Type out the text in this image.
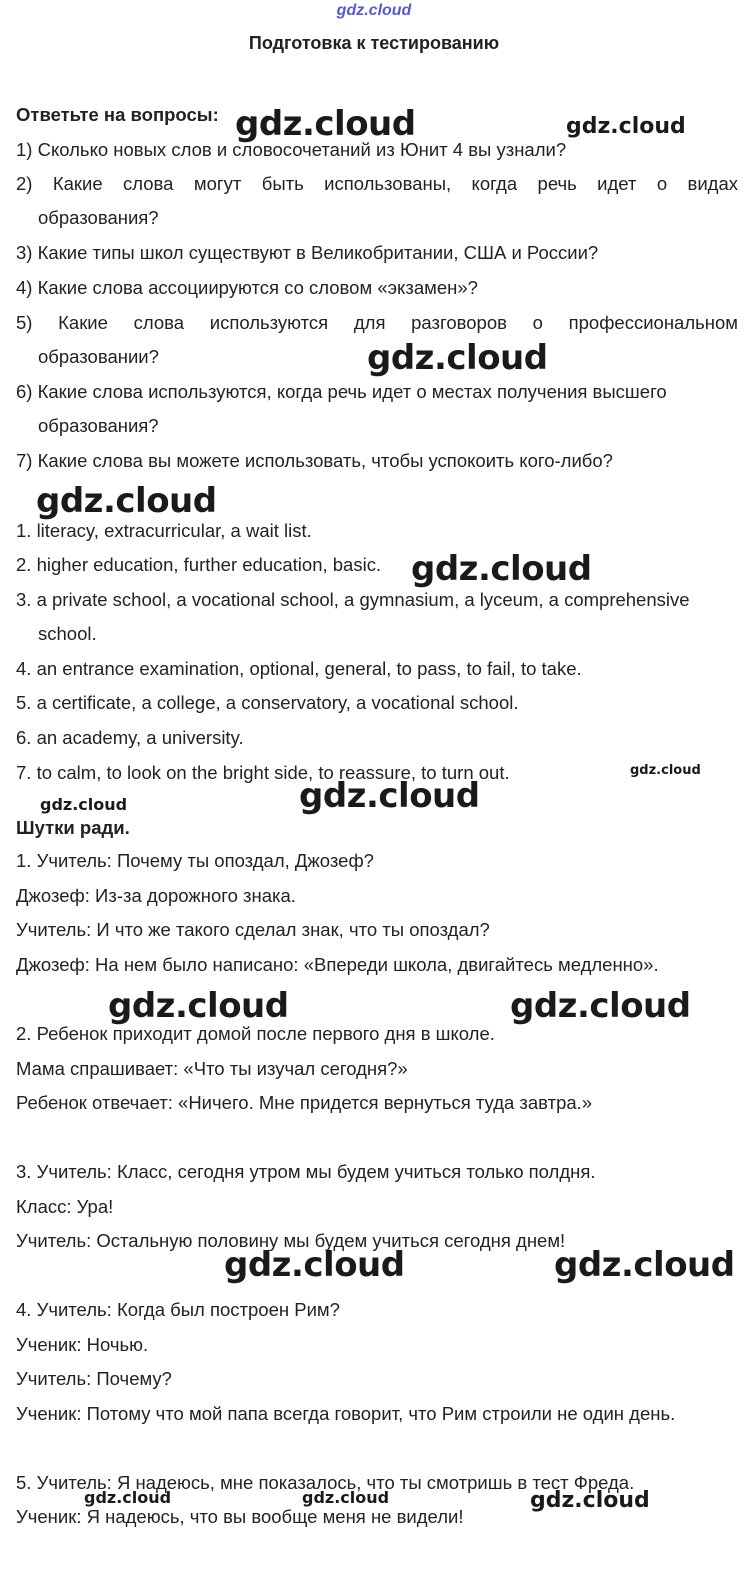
gdz.cloud
Подготовка к тестированию
Ответьте на вопросы:
1) Сколько новых слов и словосочетаний из Юнит 4 вы узнали?
2) Какие слова могут быть использованы, когда речь идет о видах
образования?
3) Какие типы школ существуют в Великобритании, США и России?
4) Какие слова ассоциируются со словом «экзамен»?
5) Какие слова используются для разговоров о профессиональном
образовании?
6) Какие слова используются, когда речь идет о местах получения высшего
образования?
7) Какие слова вы можете использовать, чтобы успокоить кого-либо?
1. literacy, extracurricular, a wait list.
2. higher education, further education, basic.
3. a private school, a vocational school, a gymnasium, a lyceum, a comprehensive
school.
4. an entrance examination, optional, general, to pass, to fail, to take.
5. a certificate, a college, a conservatory, a vocational school.
6. an academy, a university.
7. to calm, to look on the bright side, to reassure, to turn out.
Шутки ради.
1. Учитель: Почему ты опоздал, Джозеф?
Джозеф: Из-за дорожного знака.
Учитель: И что же такого сделал знак, что ты опоздал?
Джозеф: На нем было написано: «Впереди школа, двигайтесь медленно».
2. Ребенок приходит домой после первого дня в школе.
Мама спрашивает: «Что ты изучал сегодня?»
Ребенок отвечает: «Ничего. Мне придется вернуться туда завтра.»
3. Учитель: Класс, сегодня утром мы будем учиться только полдня.
Класс: Ура!
Учитель: Остальную половину мы будем учиться сегодня днем!
4. Учитель: Когда был построен Рим?
Ученик: Ночью.
Учитель: Почему?
Ученик: Потому что мой папа всегда говорит, что Рим строили не один день.
5. Учитель: Я надеюсь, мне показалось, что ты смотришь в тест Фреда.
Ученик: Я надеюсь, что вы вообще меня не видели!
gdz.cloud	gdz.cloud
gdz.cloud
gdz.cloud
gdz.cloud
gdz.cloud
gdz.cloud
gdz.cloud
gdz.cloud	gdz.cloud
gdz.cloud	gdz.cloud
gdz.cloud	gdz.cloud	gdz.cloud
